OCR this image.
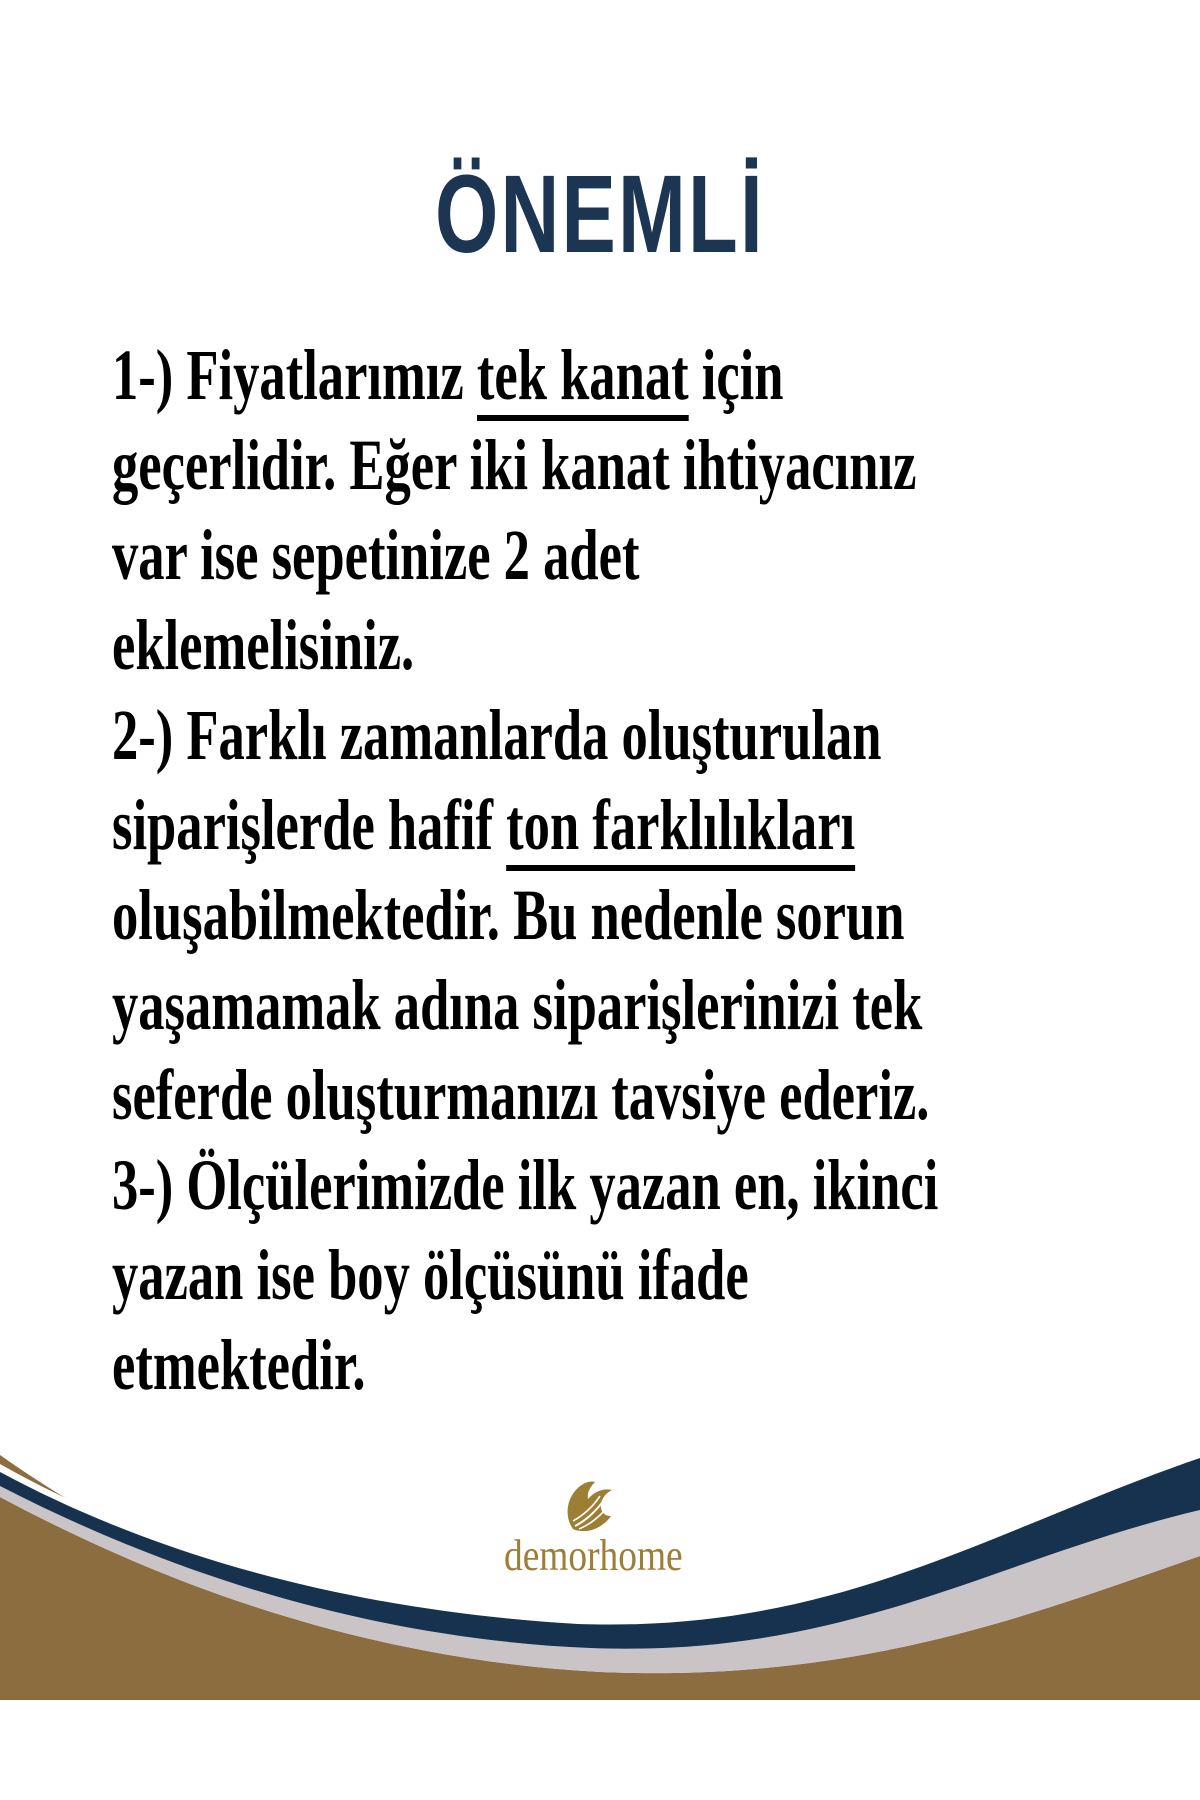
ÖNEMLİ
1-) Fiyatlarımız tek kanat için
geçerlidir. Eğer iki kanat ihtiyacınız
var ise sepetinize 2 adet
eklemelisiniz.
2-) Farklı zamanlarda oluşturulan
siparişlerde hafif ton farklılıkları
oluşabilmektedir. Bu nedenle sorun
yaşamamak adına siparişlerinizi tek
seferde oluşturmanızı tavsiye ederiz.
3-) Ölçülerimizde ilk yazan en, ikinci
yazan ise boy ölçüsünü ifade
etmektedir.
demorhome
